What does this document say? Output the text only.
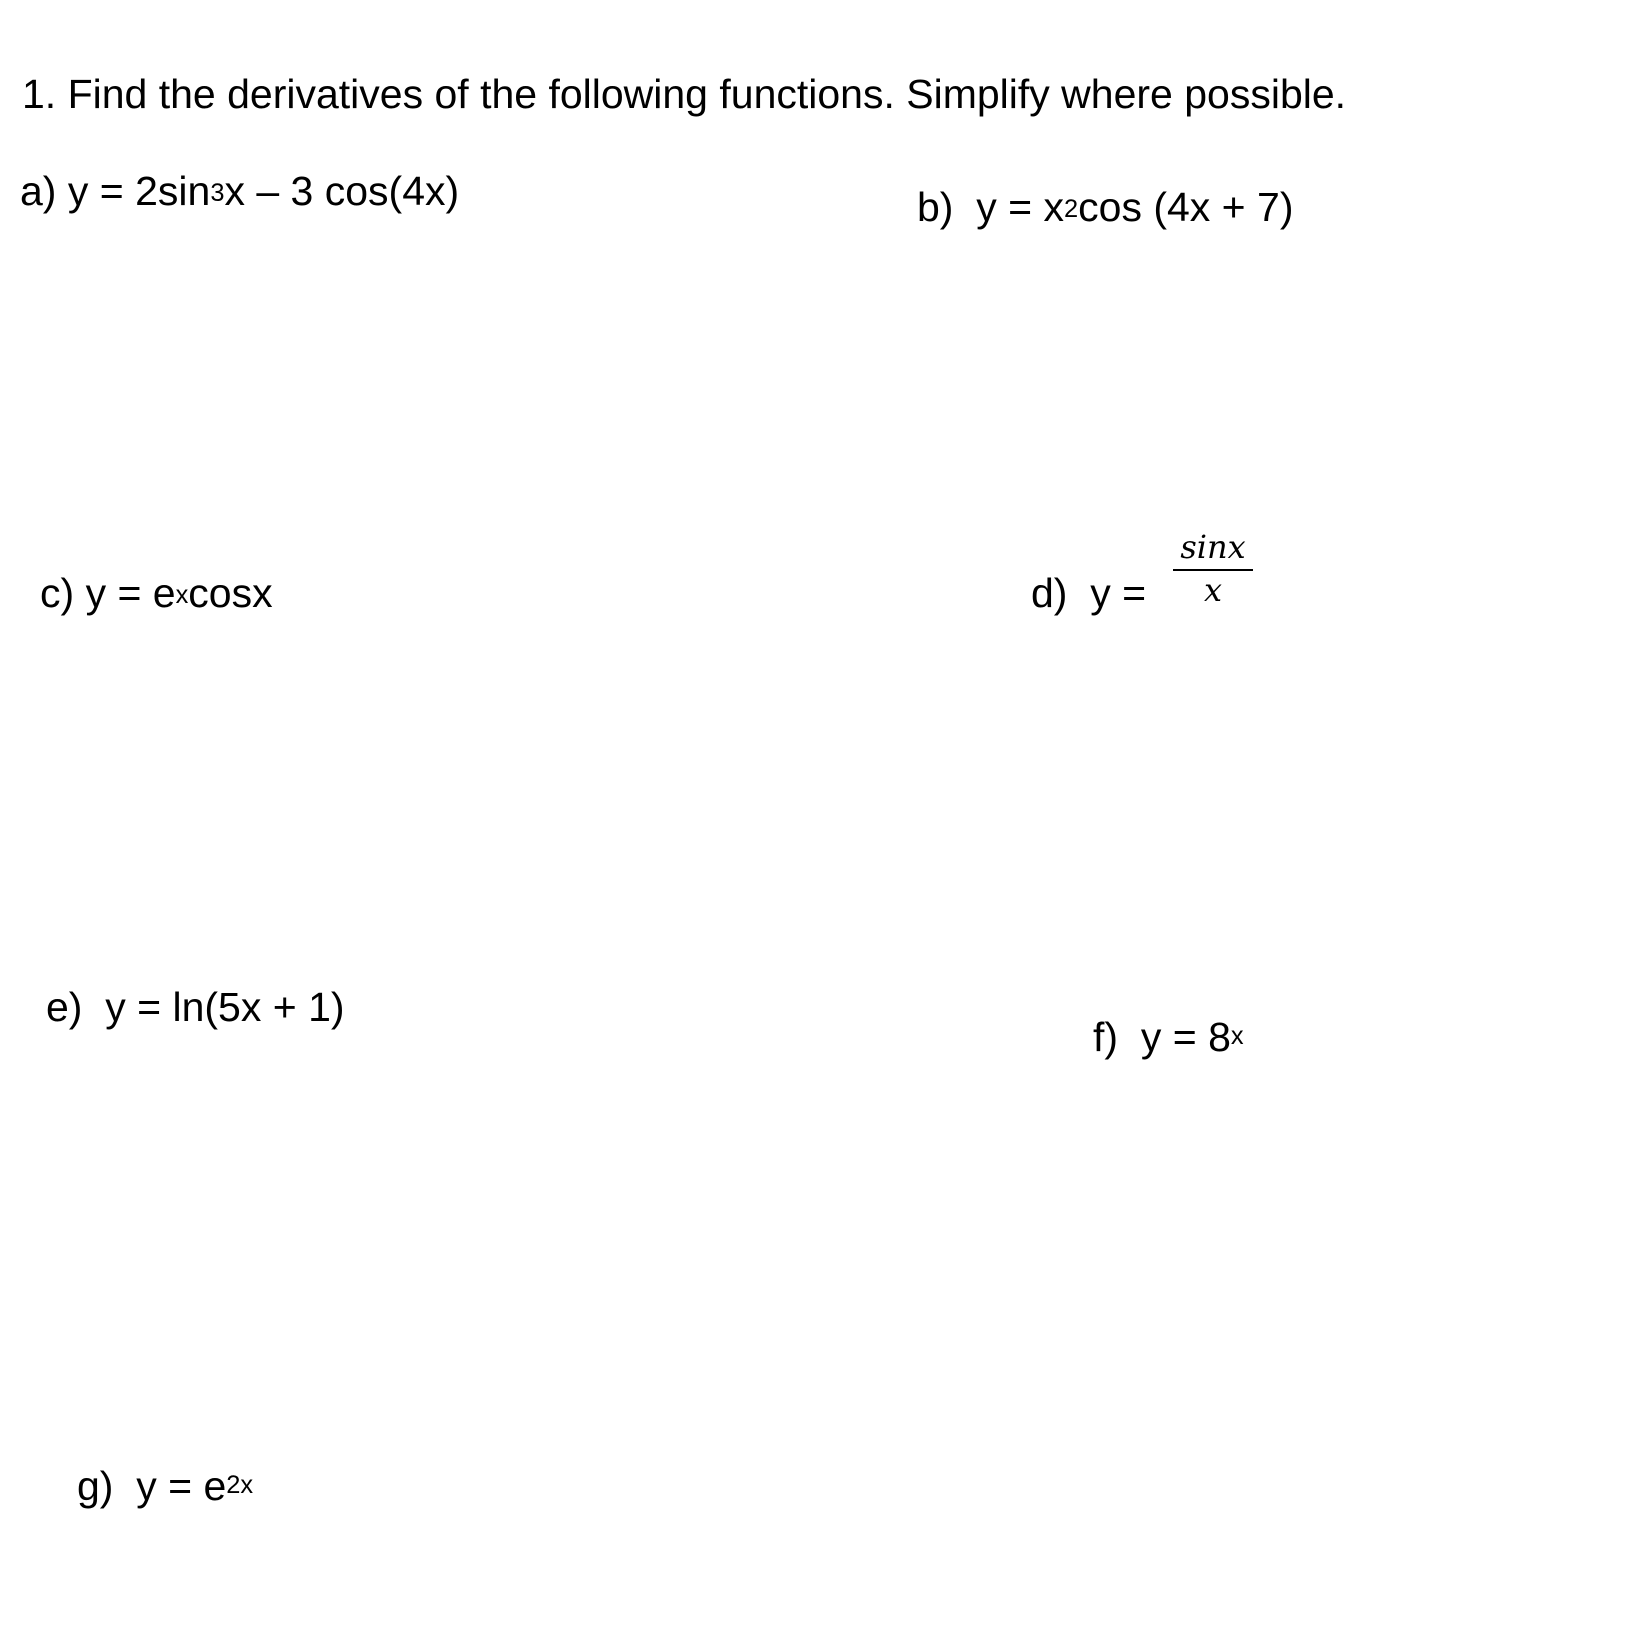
1. Find the derivatives of the following functions. Simplify where possible.
a) $y = 2\sin^3x - 3$ cos(4x)	b) $y = x^2\cos$ (4x + 7)
c) $y = e^x\cos x$	d) $y = \frac{\sin x}{x}$
e) y = ln(5x + 1)
f) $y = 8^x$
g) $y = e^{2x}$
